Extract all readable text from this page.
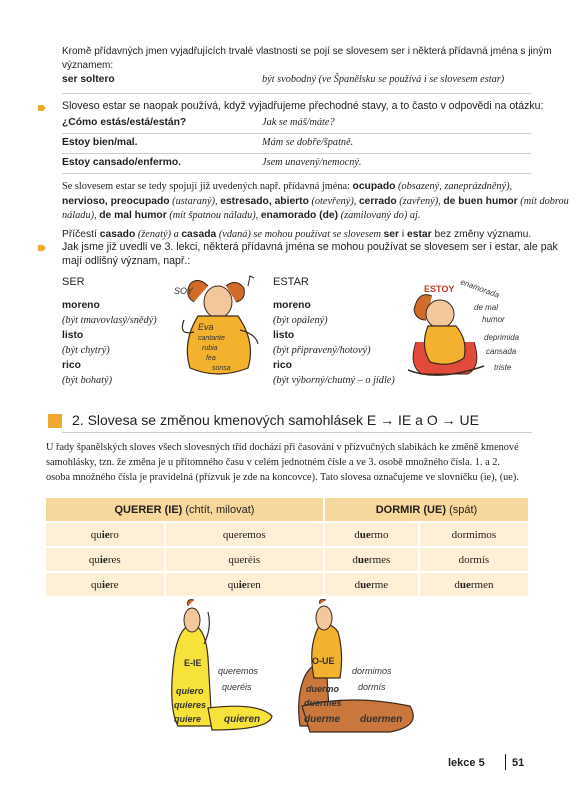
Kromě přídavných jmen vyjadřujících trvalé vlastnosti se pojí se slovesem ser i některá přídavná jména s jiným
významem:
ser soltero	být svobodný (ve Španělsku se používá i se slovesem estar)
Sloveso estar se naopak používá, když vyjadřujeme přechodné stavy, a to často v odpovědi na otázku:
¿Cómo estás/está/están?	Jak se máš/máte?
Estoy bien/mal.	Mám se dobře/špatně.
Estoy cansado/enfermo.	Jsem unavený/nemocný.
Se slovesem estar se tedy spojují již uvedených např. přídavná jména: ocupado (obsazený, zaneprázdněný),
nervioso, preocupado (ustaraný), estresado, abierto (otevřený), cerrado (zavřený), de buen humor (mít dobrou
náladu), de mal humor (mít špatnou náladu), enamorado (de) (zamilovaný do) aj.
Příčestí casado (ženatý) a casada (vdaná) se mohou používat se slovesem ser i estar bez změny významu.
Jak jsme již uvedli ve 3. lekci, některá přídavná jména se mohou používat se slovesem ser i estar, ale pak
mají odlišný význam, např.:
SER
moreno
(být tmavovlasý/snědý)
listo
(být chytrý)
rico
(být bohatý)
ESTAR
moreno
(být opálený)
listo
(být připravený/hotový)
rico
(být výborný/chutný – o jídle)
SOY
Eva
cantante
rubia
fea
sonsa
ESTOY enamorada
de mal
humor
deprimida
cansada
triste
2. Slovesa se změnou kmenových samohlásek E → IE a O → UE
U řady španělských sloves všech slovesných tříd dochází při časování v přízvučných slabikách ke změně kmenové
samohlásky, tzn. že změna je u přítomného času v celém jednotném čísle a ve 3. osobě množného čísla. 1. a 2.
osoba množného čísla je pravidelná (přízvuk je zde na koncovce). Tato slovesa označujeme ve slovníčku (ie), (ue).
QUERER (IE) (chtít, milovat)		DORMIR (UE) (spát)	
quiero	queremos	duermo	dormimos
quieres	queréis	duermes	dormís
quiere	quieren	duerme	duermen
E-IE
quiero
quieres
quiere
queremos
queréis
quieren
O-UE
duermo
duermes
duerme
dormimos
dormís
duermen
lekce 5 51
